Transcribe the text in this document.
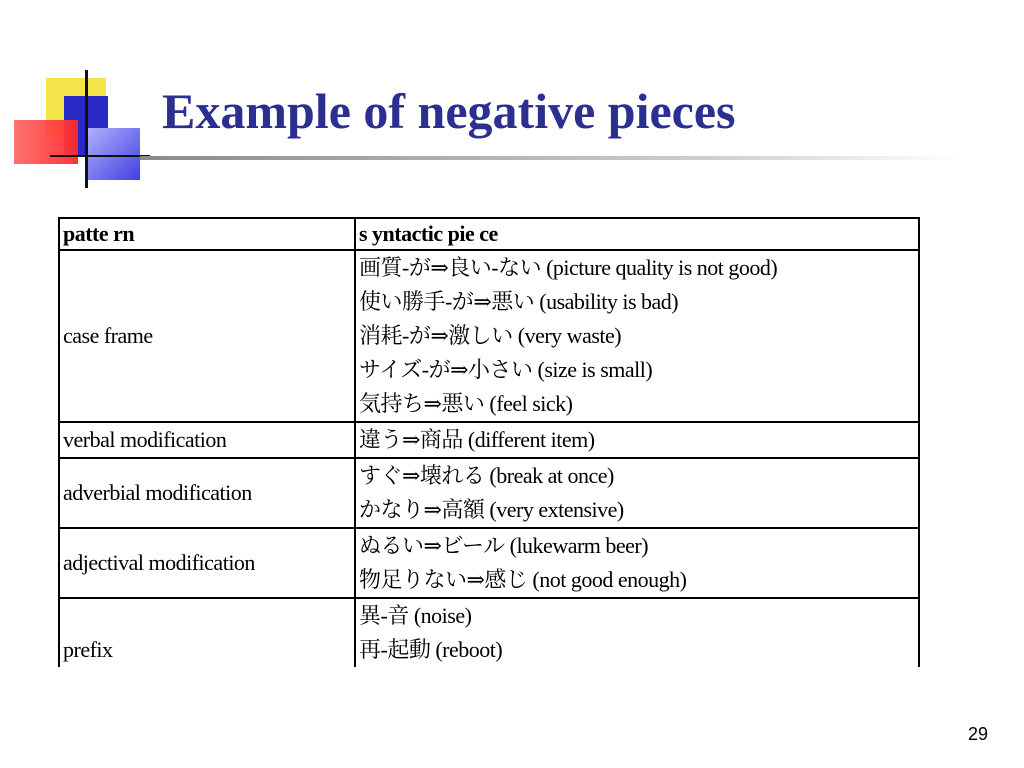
Example of negative pieces
patte rn	s yntactic pie ce
case frame	画質-が⇒良い-ない (picture quality is not good)
使い勝手-が⇒悪い (usability is bad)
消耗-が⇒激しい (very waste)
サイズ-が⇒小さい (size is small)
気持ち⇒悪い (feel sick)

verbal modification	違う⇒商品 (different item)

adverbial modification	すぐ⇒壊れる (break at once)
かなり⇒高額 (very extensive)

adjectival modification	ぬるい⇒ビール (lukewarm beer)
物足りない⇒感じ (not good enough)

prefix	異-音 (noise)
再-起動 (reboot)
29
